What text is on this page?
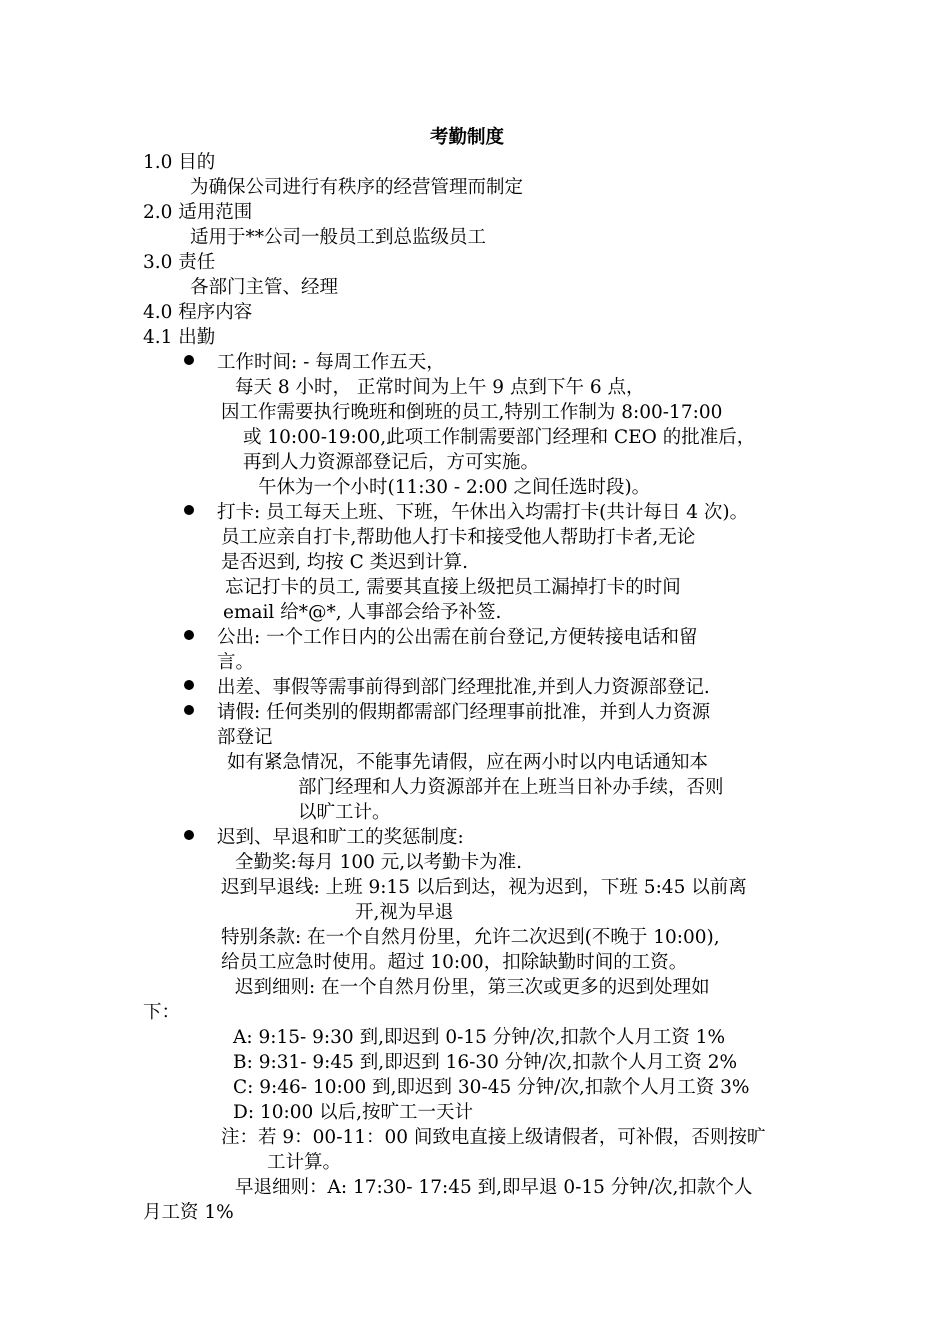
考勤制度
1.0 目的
为确保公司进行有秩序的经营管理而制定
2.0 适用范围
适用于**公司一般员工到总监级员工
3.0 责任
各部门主管、经理
4.0 程序内容
4.1 出勤
工作时间: - 每周工作五天，
每天 8 小时， 正常时间为上午 9 点到下午 6 点，
因工作需要执行晚班和倒班的员工,特别工作制为 8:00-17:00
或 10:00-19:00,此项工作制需要部门经理和 CEO 的批准后，
再到人力资源部登记后，方可实施。
午休为一个小时(11:30 - 2:00 之间任选时段)。
打卡: 员工每天上班、下班，午休出入均需打卡(共计每日 4 次)。
员工应亲自打卡,帮助他人打卡和接受他人帮助打卡者,无论
是否迟到, 均按 C 类迟到计算.
忘记打卡的员工, 需要其直接上级把员工漏掉打卡的时间
email 给*@*, 人事部会给予补签.
公出: 一个工作日内的公出需在前台登记,方便转接电话和留
言。
出差、事假等需事前得到部门经理批准,并到人力资源部登记.
请假: 任何类别的假期都需部门经理事前批准，并到人力资源
部登记
如有紧急情况，不能事先请假，应在两小时以内电话通知本
部门经理和人力资源部并在上班当日补办手续，否则
以旷工计。
迟到、早退和旷工的奖惩制度:
全勤奖:每月 100 元,以考勤卡为准.
迟到早退线: 上班 9:15 以后到达，视为迟到，下班 5:45 以前离
开,视为早退
特别条款: 在一个自然月份里，允许二次迟到(不晚于 10:00),
给员工应急时使用。超过 10:00，扣除缺勤时间的工资。
迟到细则: 在一个自然月份里，第三次或更多的迟到处理如
下：
A: 9:15- 9:30 到,即迟到 0-15 分钟/次,扣款个人月工资 1%
B: 9:31- 9:45 到,即迟到 16-30 分钟/次,扣款个人月工资 2%
C: 9:46- 10:00 到,即迟到 30-45 分钟/次,扣款个人月工资 3%
D: 10:00 以后,按旷工一天计
注：若 9：00-11：00 间致电直接上级请假者，可补假，否则按旷
工计算。
早退细则：A: 17:30- 17:45 到,即早退 0-15 分钟/次,扣款个人
月工资 1%
